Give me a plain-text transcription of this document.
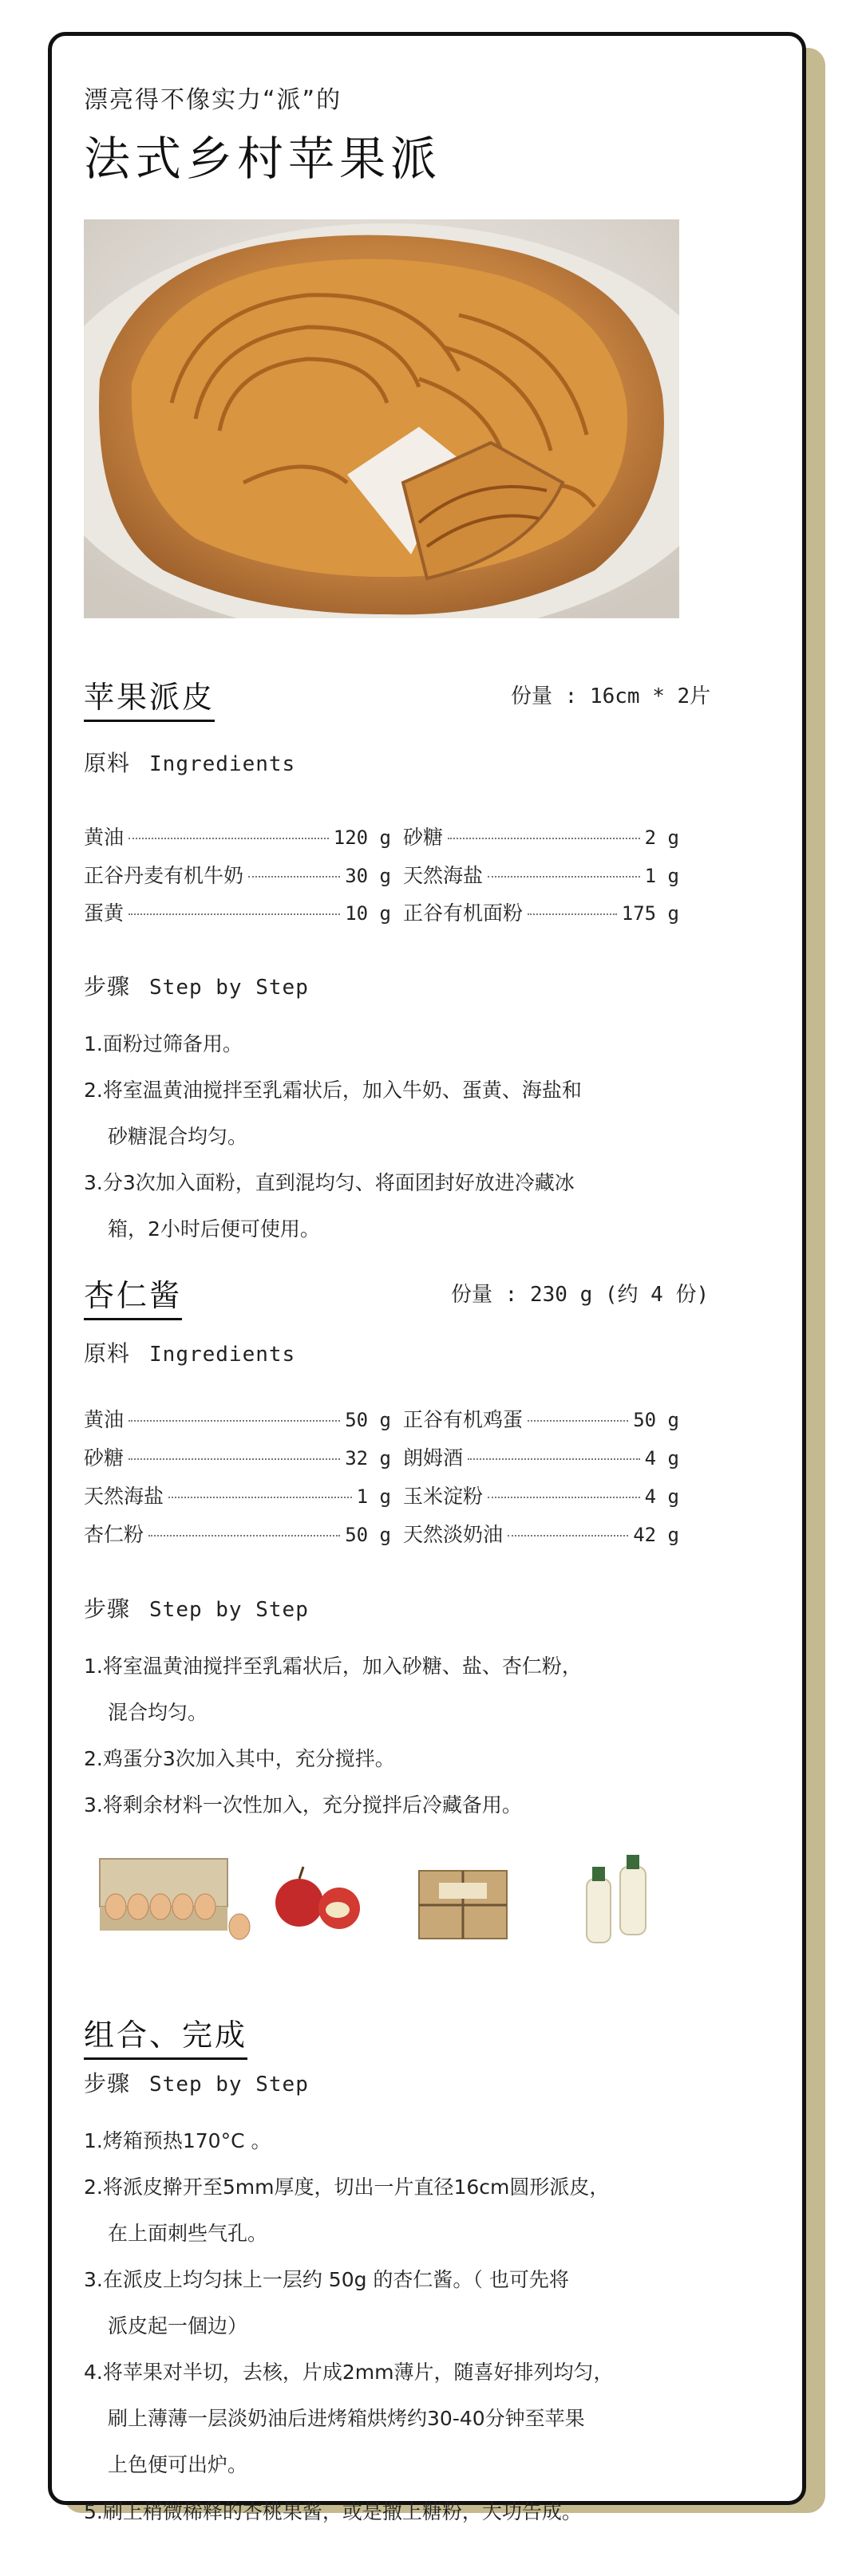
漂亮得不像实力“派”的
法式乡村苹果派
苹果派皮	份量 : 16cm * 2片
原料 Ingredients
黄油	120 g 砂糖	2 g
正谷丹麦有机牛奶	30 g 天然海盐	1 g
蛋黄	10 g 正谷有机面粉	175 g
步骤 Step by Step
1.面粉过筛备用。
2.将室温黄油搅拌至乳霜状后，加入牛奶、蛋黄、海盐和
砂糖混合均匀。
3.分3次加入面粉，直到混均匀、将面团封好放进冷藏冰
箱，2小时后便可使用。
杏仁酱	份量 : 230 g (约 4 份)
原料 Ingredients
黄油	50 g 正谷有机鸡蛋	50 g
砂糖	32 g 朗姆酒	4 g
天然海盐	1 g 玉米淀粉	4 g
杏仁粉	50 g 天然淡奶油	42 g
步骤 Step by Step
1.将室温黄油搅拌至乳霜状后，加入砂糖、盐、杏仁粉，
混合均匀。
2.鸡蛋分3次加入其中，充分搅拌。
3.将剩余材料一次性加入，充分搅拌后冷藏备用。
组合、完成
步骤 Step by Step
1.烤箱预热170°C 。
2.将派皮擀开至5mm厚度，切出一片直径16cm圆形派皮，
在上面刺些气孔。
3.在派皮上均匀抹上一层约 50g 的杏仁酱。（ 也可先将
派皮起一個边）
4.将苹果对半切，去核，片成2mm薄片，随喜好排列均匀，
刷上薄薄一层淡奶油后进烤箱烘烤约30-40分钟至苹果
上色便可出炉。
5.刷上稍微稀释的杏桃果酱，或是撒上糖粉，大功告成。
